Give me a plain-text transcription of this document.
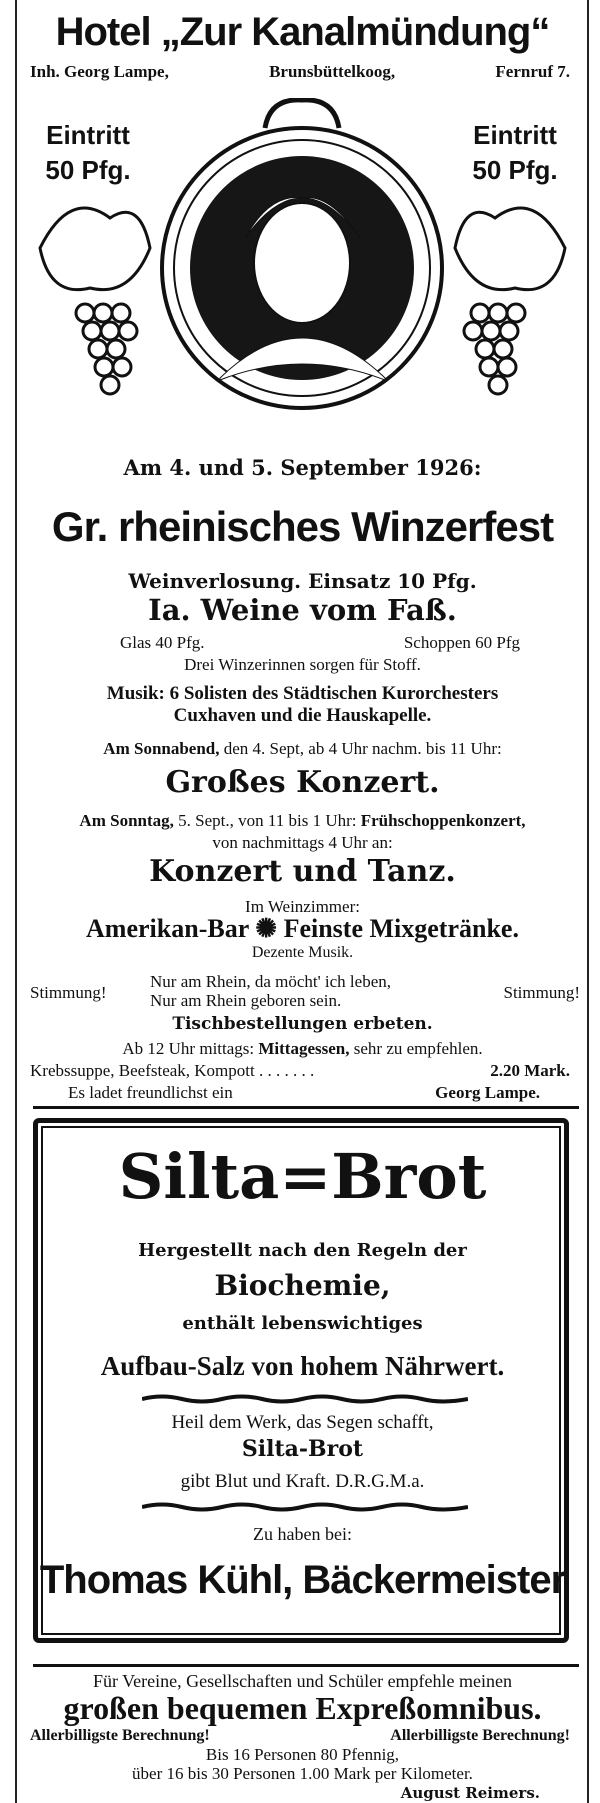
Hotel „Zur Kanalmündung“
Inh. Georg Lampe,	Brunsbüttelkoog,	Fernruf 7.
Eintritt
50 Pfg.
Eintritt
50 Pfg.
Am 4. und 5. September 1926:
Gr. rheinisches Winzerfest
Weinverlosung. Einsatz 10 Pfg.
Ia. Weine vom Faß.
Glas 40 Pfg.	Schoppen 60 Pfg
Drei Winzerinnen sorgen für Stoff.
Musik: 6 Solisten des Städtischen Kurorchesters
Cuxhaven und die Hauskapelle.
Am Sonnabend, den 4. Sept, ab 4 Uhr nachm. bis 11 Uhr:
Großes Konzert.
Am Sonntag, 5. Sept., von 11 bis 1 Uhr: Frühschoppenkonzert,
von nachmittags 4 Uhr an:
Konzert und Tanz.
Im Weinzimmer:
Amerikan-Bar ✺ Feinste Mixgetränke.
Dezente Musik.
Stimmung!	Stimmung!
Nur am Rhein, da möcht' ich leben,
Nur am Rhein geboren sein.
Tischbestellungen erbeten.
Ab 12 Uhr mittags: Mittagessen, sehr zu empfehlen.
Krebssuppe, Beefsteak, Kompott . . . . . . .	2.20 Mark.
Es ladet freundlichst ein	Georg Lampe.
Silta=Brot
Hergestellt nach den Regeln der
Biochemie,
enthält lebenswichtiges
Aufbau-Salz von hohem Nährwert.
Heil dem Werk, das Segen schafft,
Silta-Brot
gibt Blut und Kraft. D.R.G.M.a.
Zu haben bei:
Thomas Kühl, Bäckermeister
Für Vereine, Gesellschaften und Schüler empfehle meinen
großen bequemen Expreßomnibus.
Allerbilligste Berechnung!	Allerbilligste Berechnung!
Bis 16 Personen 80 Pfennig,
über 16 bis 30 Personen 1.00 Mark per Kilometer.
August Reimers.
